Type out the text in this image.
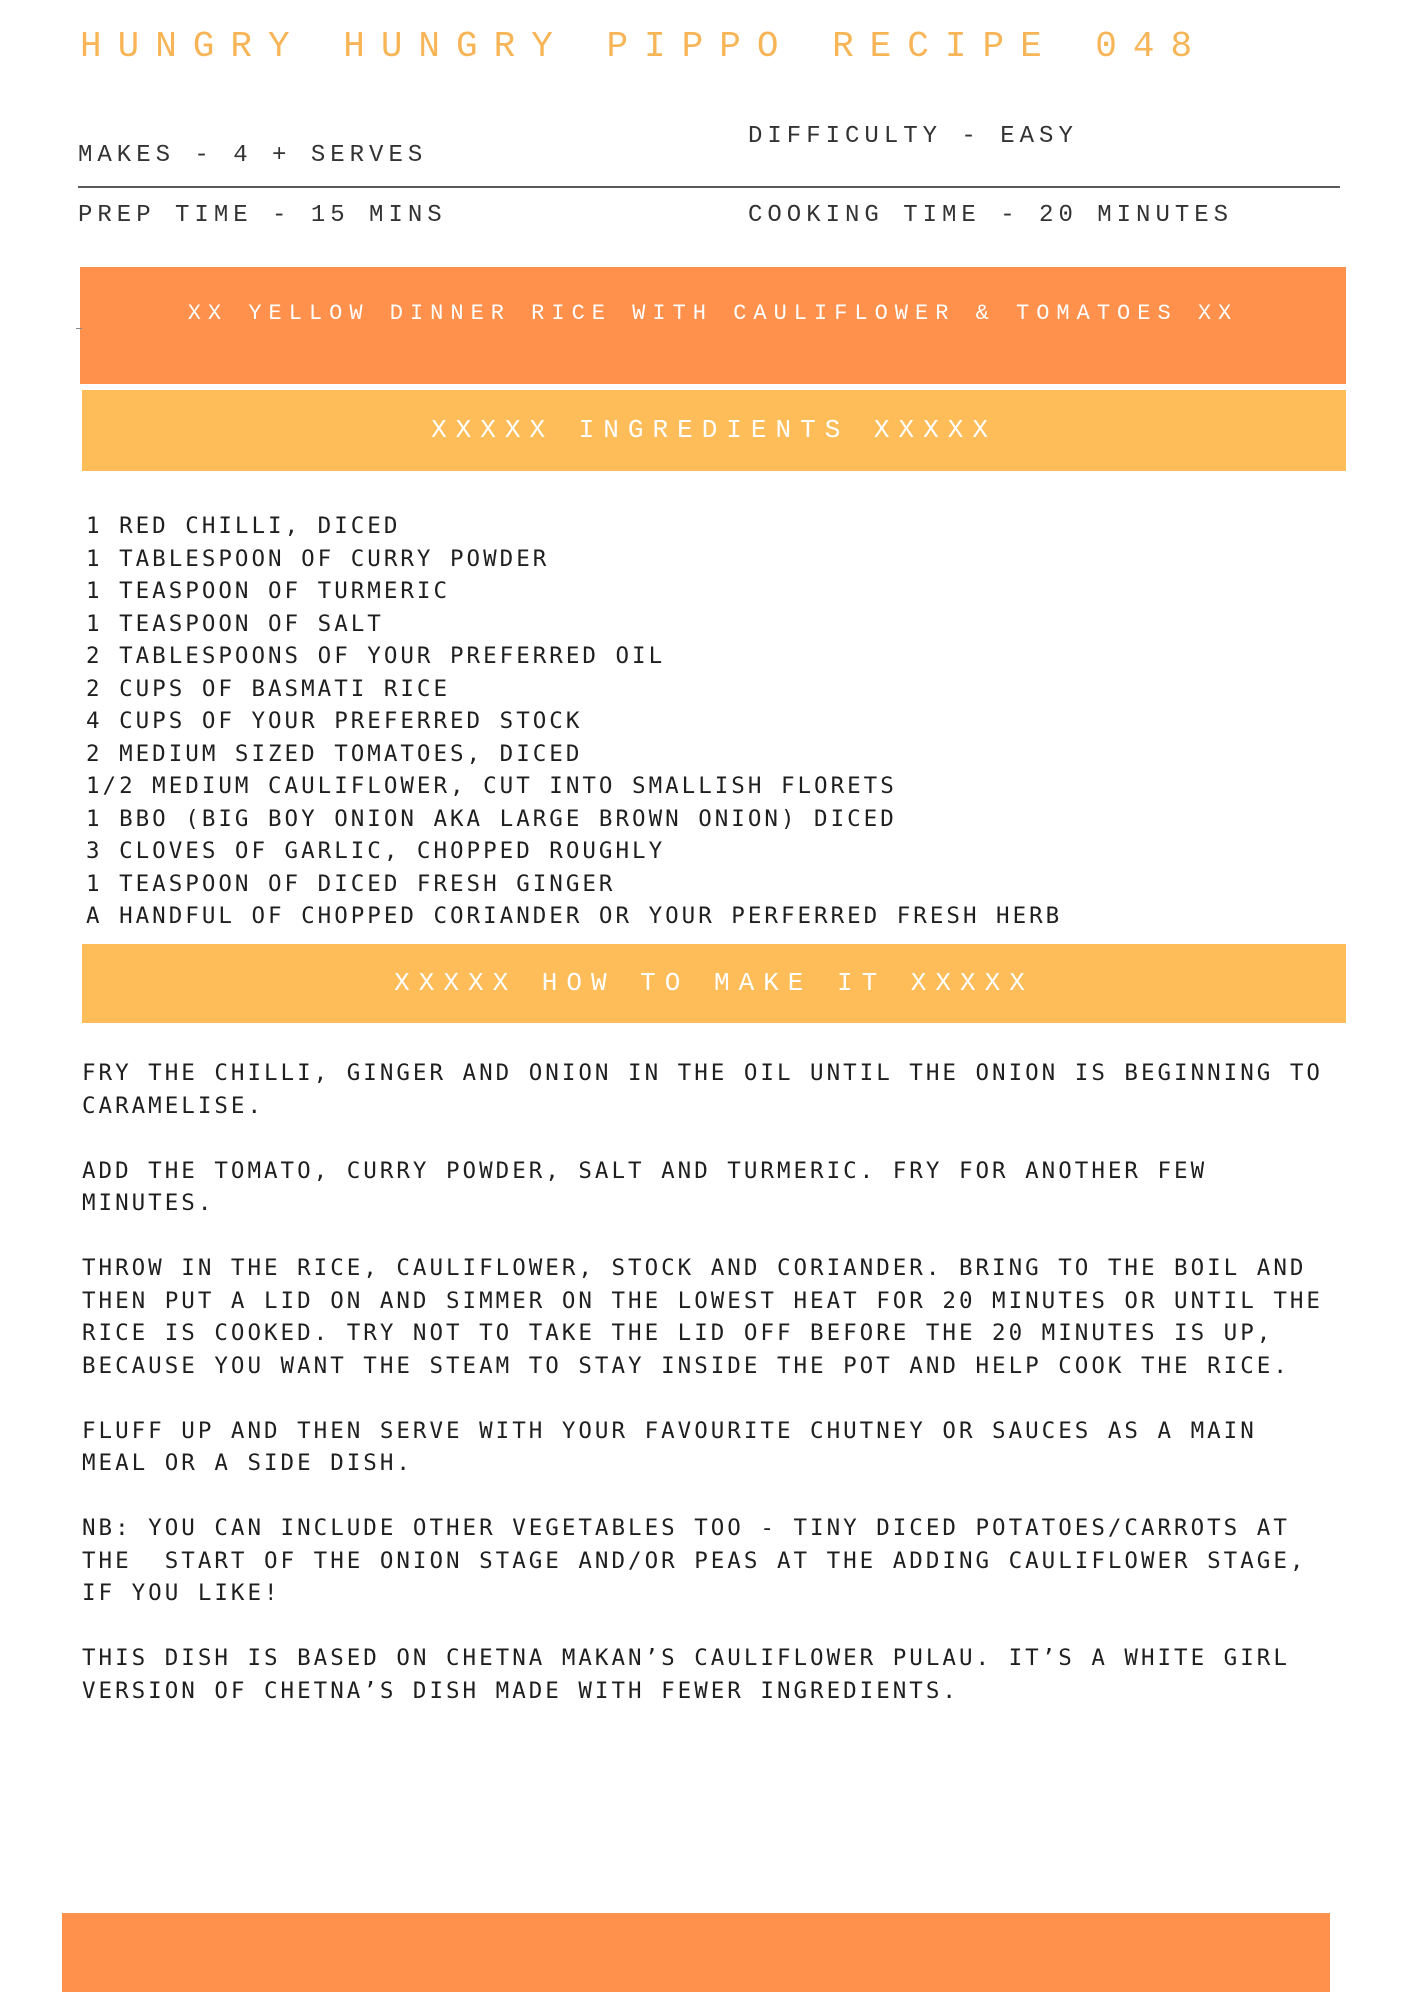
HUNGRY HUNGRY PIPPO RECIPE 048
MAKES - 4 + SERVES
DIFFICULTY - EASY
PREP TIME - 15 MINS	COOKING TIME - 20 MINUTES
XX YELLOW DINNER RICE WITH CAULIFLOWER & TOMATOES XX
XXXXX INGREDIENTS XXXXX
1 RED CHILLI, DICED
1 TABLESPOON OF CURRY POWDER
1 TEASPOON OF TURMERIC
1 TEASPOON OF SALT
2 TABLESPOONS OF YOUR PREFERRED OIL
2 CUPS OF BASMATI RICE
4 CUPS OF YOUR PREFERRED STOCK
2 MEDIUM SIZED TOMATOES, DICED
1/2 MEDIUM CAULIFLOWER, CUT INTO SMALLISH FLORETS
1 BBO (BIG BOY ONION AKA LARGE BROWN ONION) DICED
3 CLOVES OF GARLIC, CHOPPED ROUGHLY
1 TEASPOON OF DICED FRESH GINGER
A HANDFUL OF CHOPPED CORIANDER OR YOUR PERFERRED FRESH HERB
XXXXX HOW TO MAKE IT XXXXX

FRY THE CHILLI, GINGER AND ONION IN THE OIL UNTIL THE ONION IS BEGINNING TO
CARAMELISE.

ADD THE TOMATO, CURRY POWDER, SALT AND TURMERIC. FRY FOR ANOTHER FEW
MINUTES.

THROW IN THE RICE, CAULIFLOWER, STOCK AND CORIANDER. BRING TO THE BOIL AND
THEN PUT A LID ON AND SIMMER ON THE LOWEST HEAT FOR 20 MINUTES OR UNTIL THE
RICE IS COOKED. TRY NOT TO TAKE THE LID OFF BEFORE THE 20 MINUTES IS UP,
BECAUSE YOU WANT THE STEAM TO STAY INSIDE THE POT AND HELP COOK THE RICE.

FLUFF UP AND THEN SERVE WITH YOUR FAVOURITE CHUTNEY OR SAUCES AS A MAIN
MEAL OR A SIDE DISH.

NB: YOU CAN INCLUDE OTHER VEGETABLES TOO - TINY DICED POTATOES/CARROTS AT
THE  START OF THE ONION STAGE AND/OR PEAS AT THE ADDING CAULIFLOWER STAGE,
IF YOU LIKE!

THIS DISH IS BASED ON CHETNA MAKAN’S CAULIFLOWER PULAU. IT’S A WHITE GIRL
VERSION OF CHETNA’S DISH MADE WITH FEWER INGREDIENTS.
